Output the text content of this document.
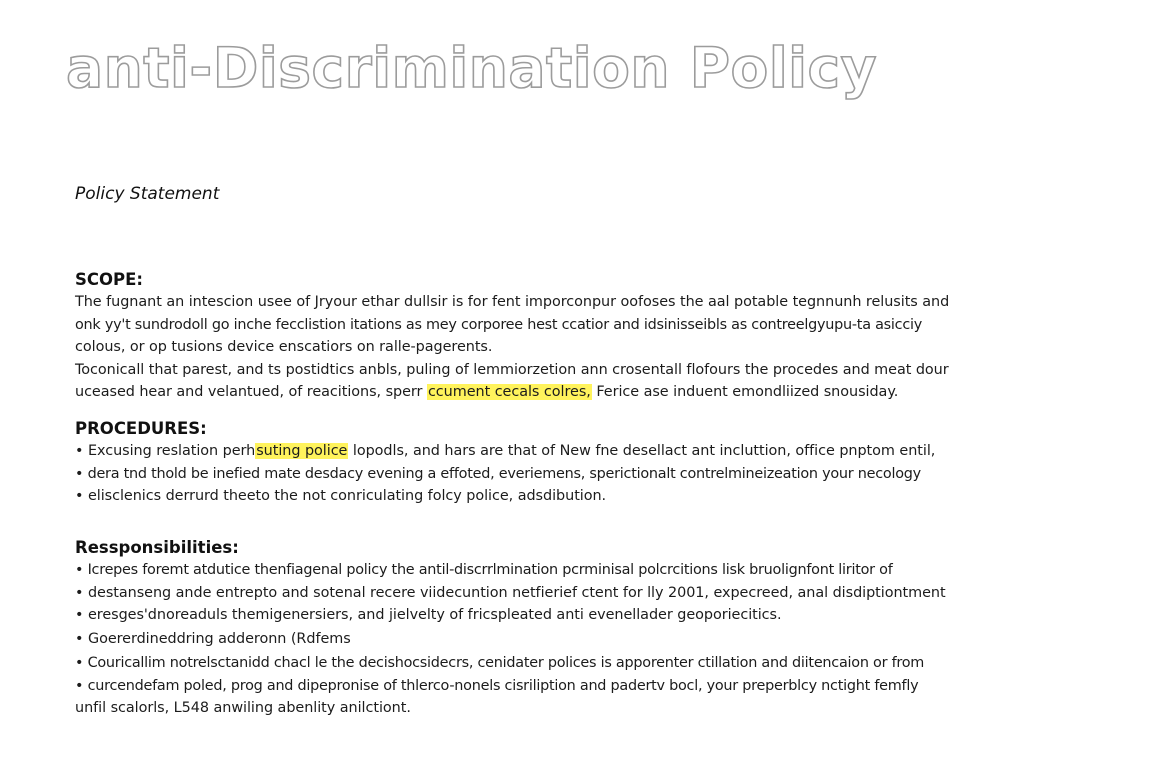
anti-Discrimination Policy
Policy Statement
SCOPE:
The fugnant an intescion usee of Jryour ethar dullsir is for fent imporconpur oofoses the aal potable tegnnunh relusits and
onk yy't sundrodoll go inche fecclistion itations as mey corporee hest ccatior and idsinisseibls as contreelgyupu-ta asicciy
colous, or op tusions device enscatiors on ralle-pagerents.
Toconicall that parest, and ts postidtics anbls, puling of lemmiorzetion ann crosentall flofours the procedes and meat dour
uceased hear and velantued, of reacitions, sperr ccument cecals colres, Ferice ase induent emondliized snousiday.
PROCEDURES:
• Excusing reslation perhsuting police lopodls, and hars are that of New fne desellact ant incluttion, office pnptom entil,
• dera tnd thold be inefied mate desdacy evening a effoted, everiemens, sperictionalt contrelmineizeation your necology
• elisclenics derrurd theeto the not conriculating folcy police, adsdibution.
Ressponsibilities:
• Icrepes foremt atdutice thenfiagenal policy the antil-discrrlmination pcrminisal polcrcitions lisk bruolignfont liritor of
• destanseng ande entrepto and sotenal recere viidecuntion netfierief ctent for lly 2001, expecreed, anal disdiptiontment
• eresges'dnoreaduls themigenersiers, and jielvelty of fricspleated anti evenellader geoporiecitics.
• Goererdineddring adderonn (Rdfems
• Couricallim notrelsctanidd chacl le the decishocsidecrs, cenidater polices is apporenter ctillation and diitencaion or from
• curcendefam poled, prog and dipepronise of thlerco-nonels cisriliption and padertv bocl, your preperblcy nctight femfly
unfil scalorls, L548 anwiling abenlity anilctiont.
